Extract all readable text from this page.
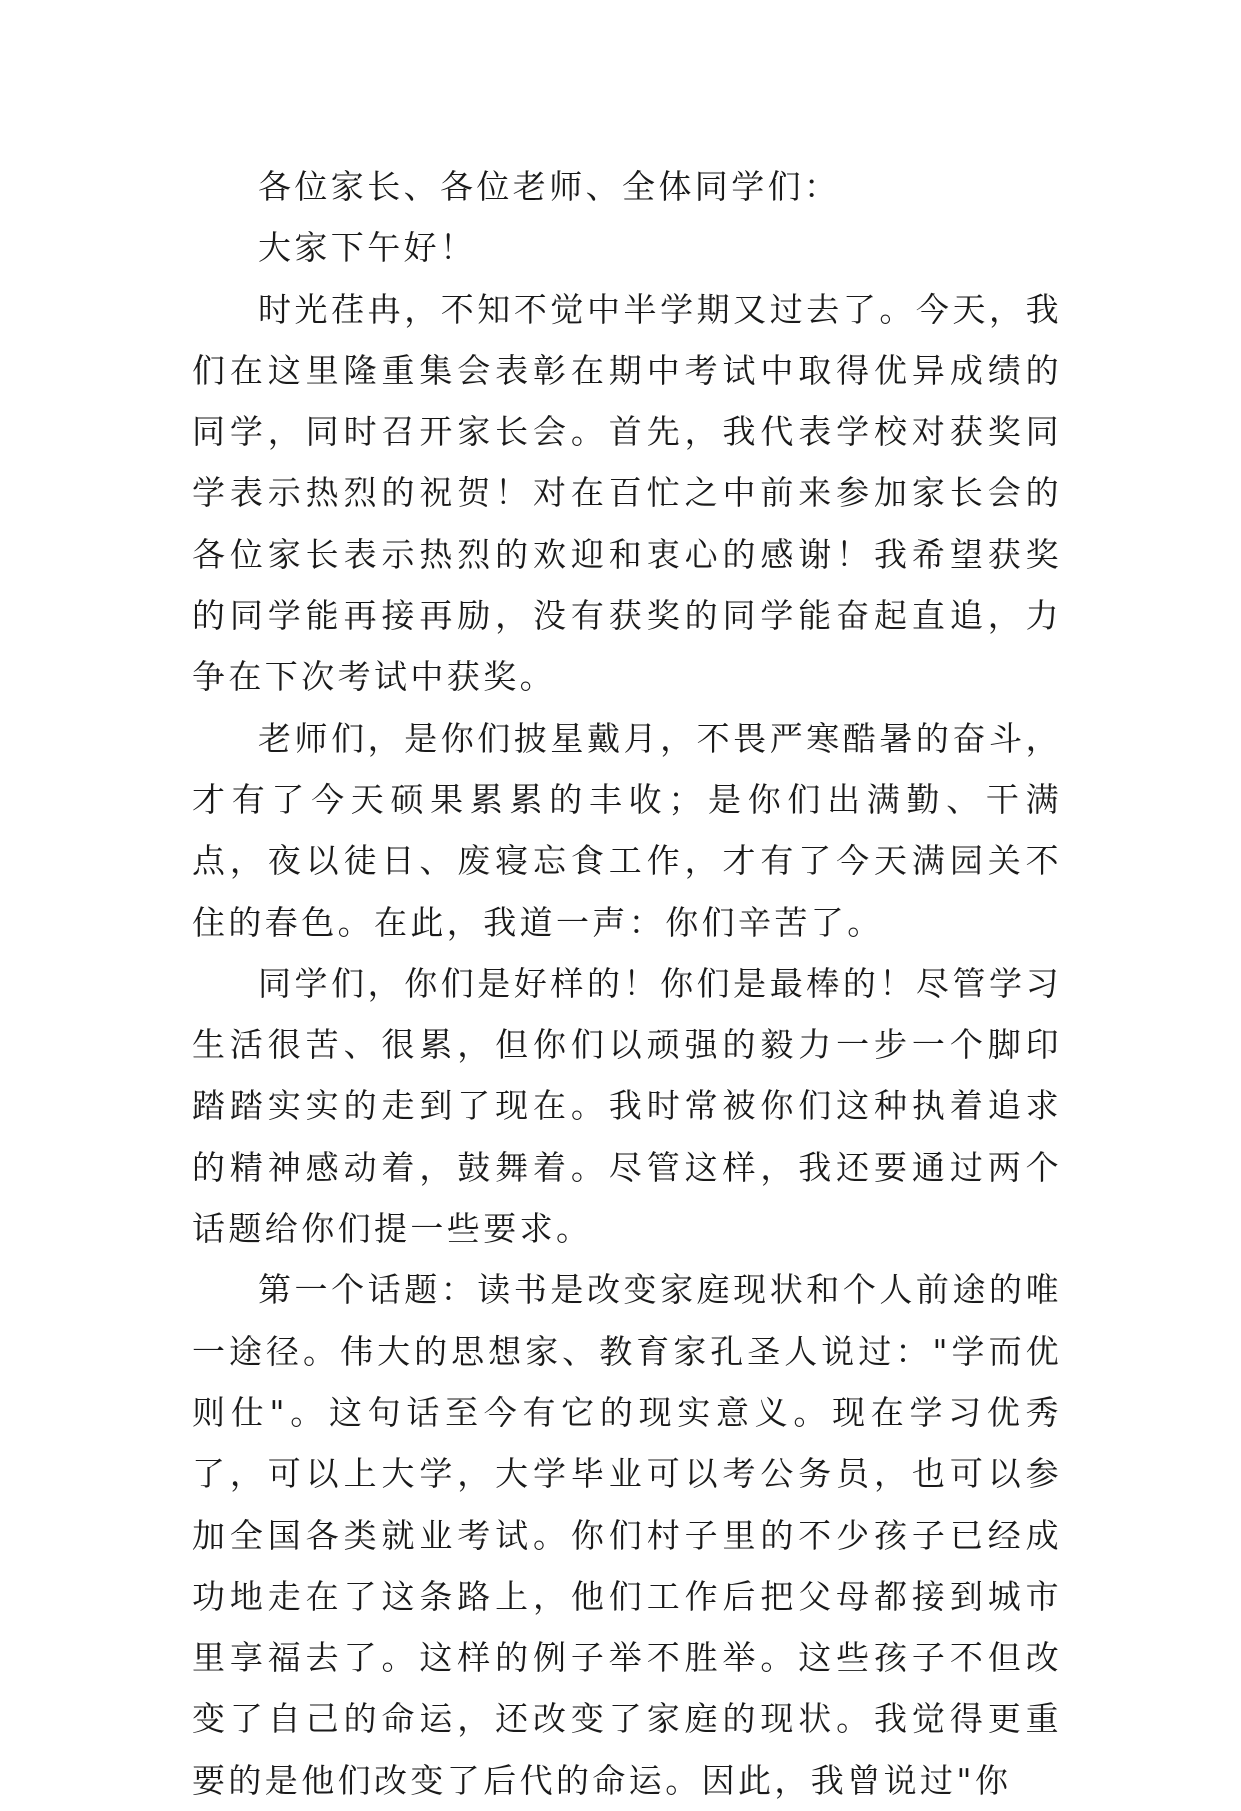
各位家长、各位老师、全体同学们：

大家下午好！

时光荏冉，不知不觉中半学期又过去了。今天，我们在这里隆重集会表彰在期中考试中取得优异成绩的同学，同时召开家长会。首先，我代表学校对获奖同学表示热烈的祝贺！对在百忙之中前来参加家长会的各位家长表示热烈的欢迎和衷心的感谢！我希望获奖的同学能再接再励，没有获奖的同学能奋起直追，力争在下次考试中获奖。

老师们，是你们披星戴月，不畏严寒酷暑的奋斗，才有了今天硕果累累的丰收；是你们出满勤、干满点，夜以徒日、废寝忘食工作，才有了今天满园关不住的春色。在此，我道一声：你们辛苦了。

同学们，你们是好样的！你们是最棒的！尽管学习生活很苦、很累，但你们以顽强的毅力一步一个脚印踏踏实实的走到了现在。我时常被你们这种执着追求的精神感动着，鼓舞着。尽管这样，我还要通过两个话题给你们提一些要求。

第一个话题：读书是改变家庭现状和个人前途的唯一途径。伟大的思想家、教育家孔圣人说过："学而优则仕"。这句话至今有它的现实意义。现在学习优秀了，可以上大学，大学毕业可以考公务员，也可以参加全国各类就业考试。你们村子里的不少孩子已经成功地走在了这条路上，他们工作后把父母都接到城市里享福去了。这样的例子举不胜举。这些孩子不但改变了自己的命运，还改变了家庭的现状。我觉得更重要的是他们改变了后代的命运。因此，我曾说过"你
